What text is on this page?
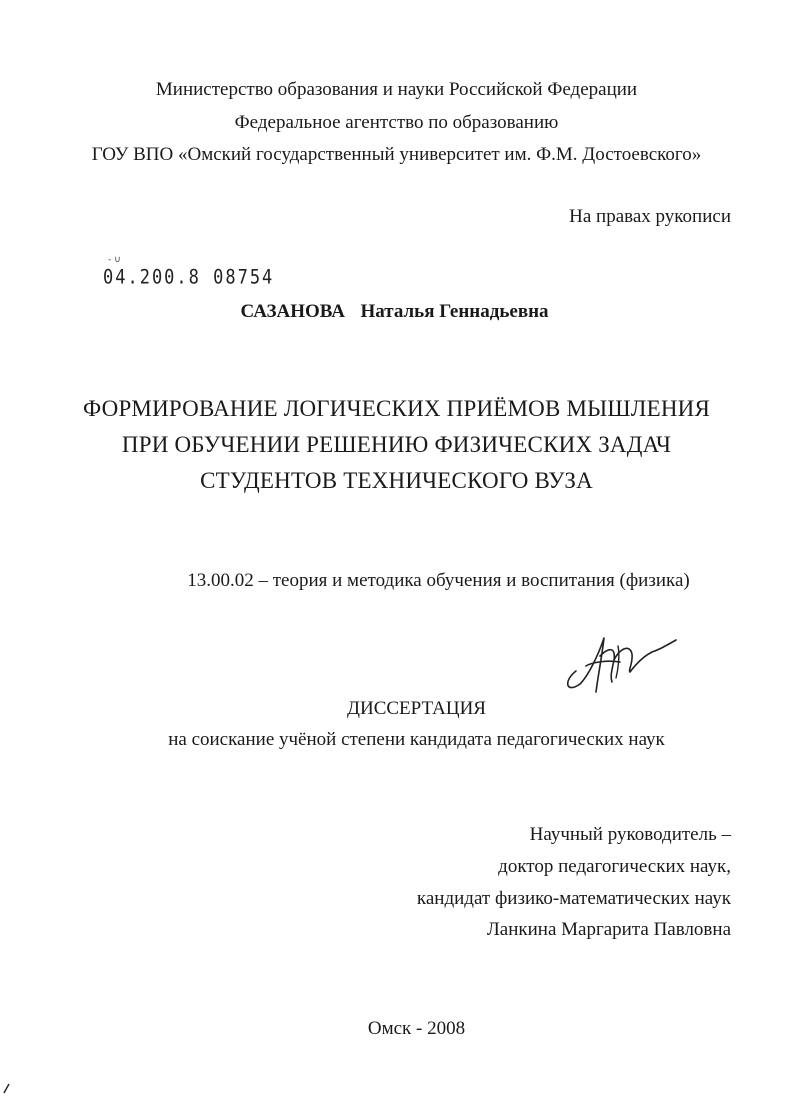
Министерство образования и науки Российской Федерации
Федеральное агентство по образованию
ГОУ ВПО «Омский государственный университет им. Ф.М. Достоевского»
На правах рукописи
- ∪
04.200.8 08754
САЗАНОВА Наталья Геннадьевна
ФОРМИРОВАНИЕ ЛОГИЧЕСКИХ ПРИЁМОВ МЫШЛЕНИЯ
ПРИ ОБУЧЕНИИ РЕШЕНИЮ ФИЗИЧЕСКИХ ЗАДАЧ
СТУДЕНТОВ ТЕХНИЧЕСКОГО ВУЗА
13.00.02 – теория и методика обучения и воспитания (физика)
ДИССЕРТАЦИЯ
на соискание учёной степени кандидата педагогических наук
Научный руководитель –
доктор педагогических наук,
кандидат физико-математических наук
Ланкина Маргарита Павловна
Омск - 2008
